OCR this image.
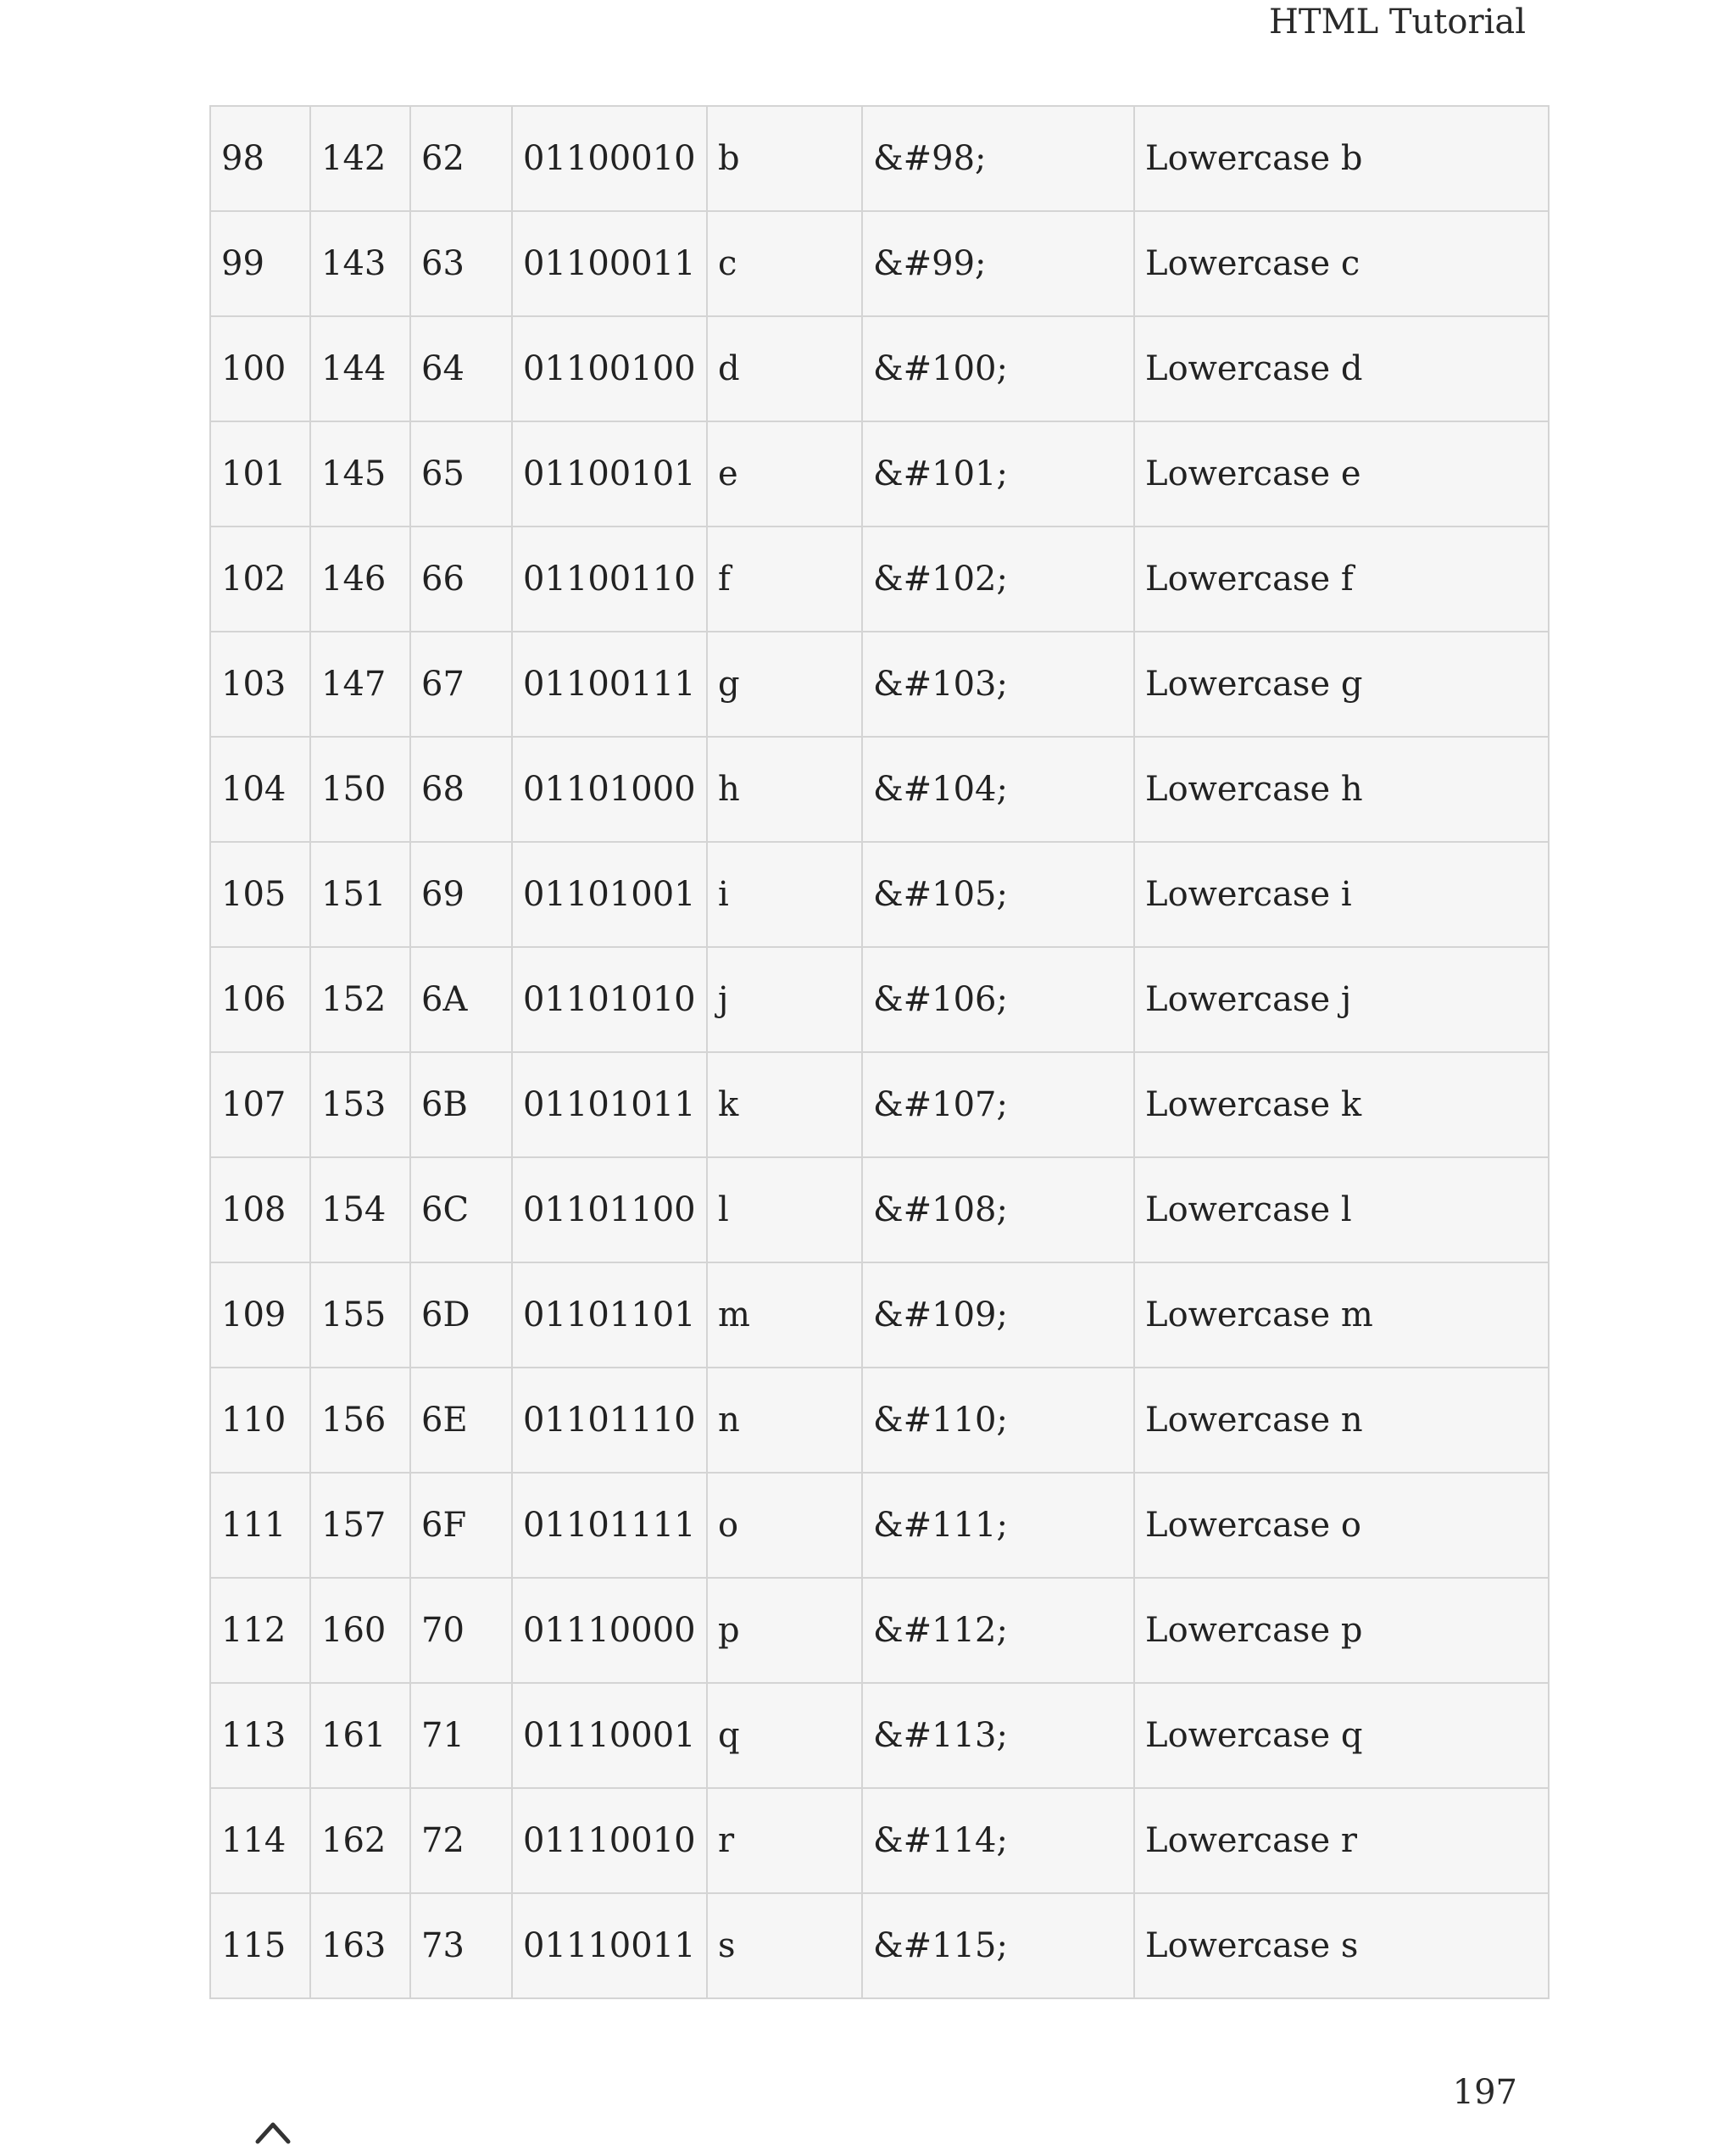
HTML Tutorial
98	142	62	01100010	b	&#98;	Lowercase b
99	143	63	01100011	c	&#99;	Lowercase c
100	144	64	01100100	d	&#100;	Lowercase d
101	145	65	01100101	e	&#101;	Lowercase e
102	146	66	01100110	f	&#102;	Lowercase f
103	147	67	01100111	g	&#103;	Lowercase g
104	150	68	01101000	h	&#104;	Lowercase h
105	151	69	01101001	i	&#105;	Lowercase i
106	152	6A	01101010	j	&#106;	Lowercase j
107	153	6B	01101011	k	&#107;	Lowercase k
108	154	6C	01101100	l	&#108;	Lowercase l
109	155	6D	01101101	m	&#109;	Lowercase m
110	156	6E	01101110	n	&#110;	Lowercase n
111	157	6F	01101111	o	&#111;	Lowercase o
112	160	70	01110000	p	&#112;	Lowercase p
113	161	71	01110001	q	&#113;	Lowercase q
114	162	72	01110010	r	&#114;	Lowercase r
115	163	73	01110011	s	&#115;	Lowercase s
197
